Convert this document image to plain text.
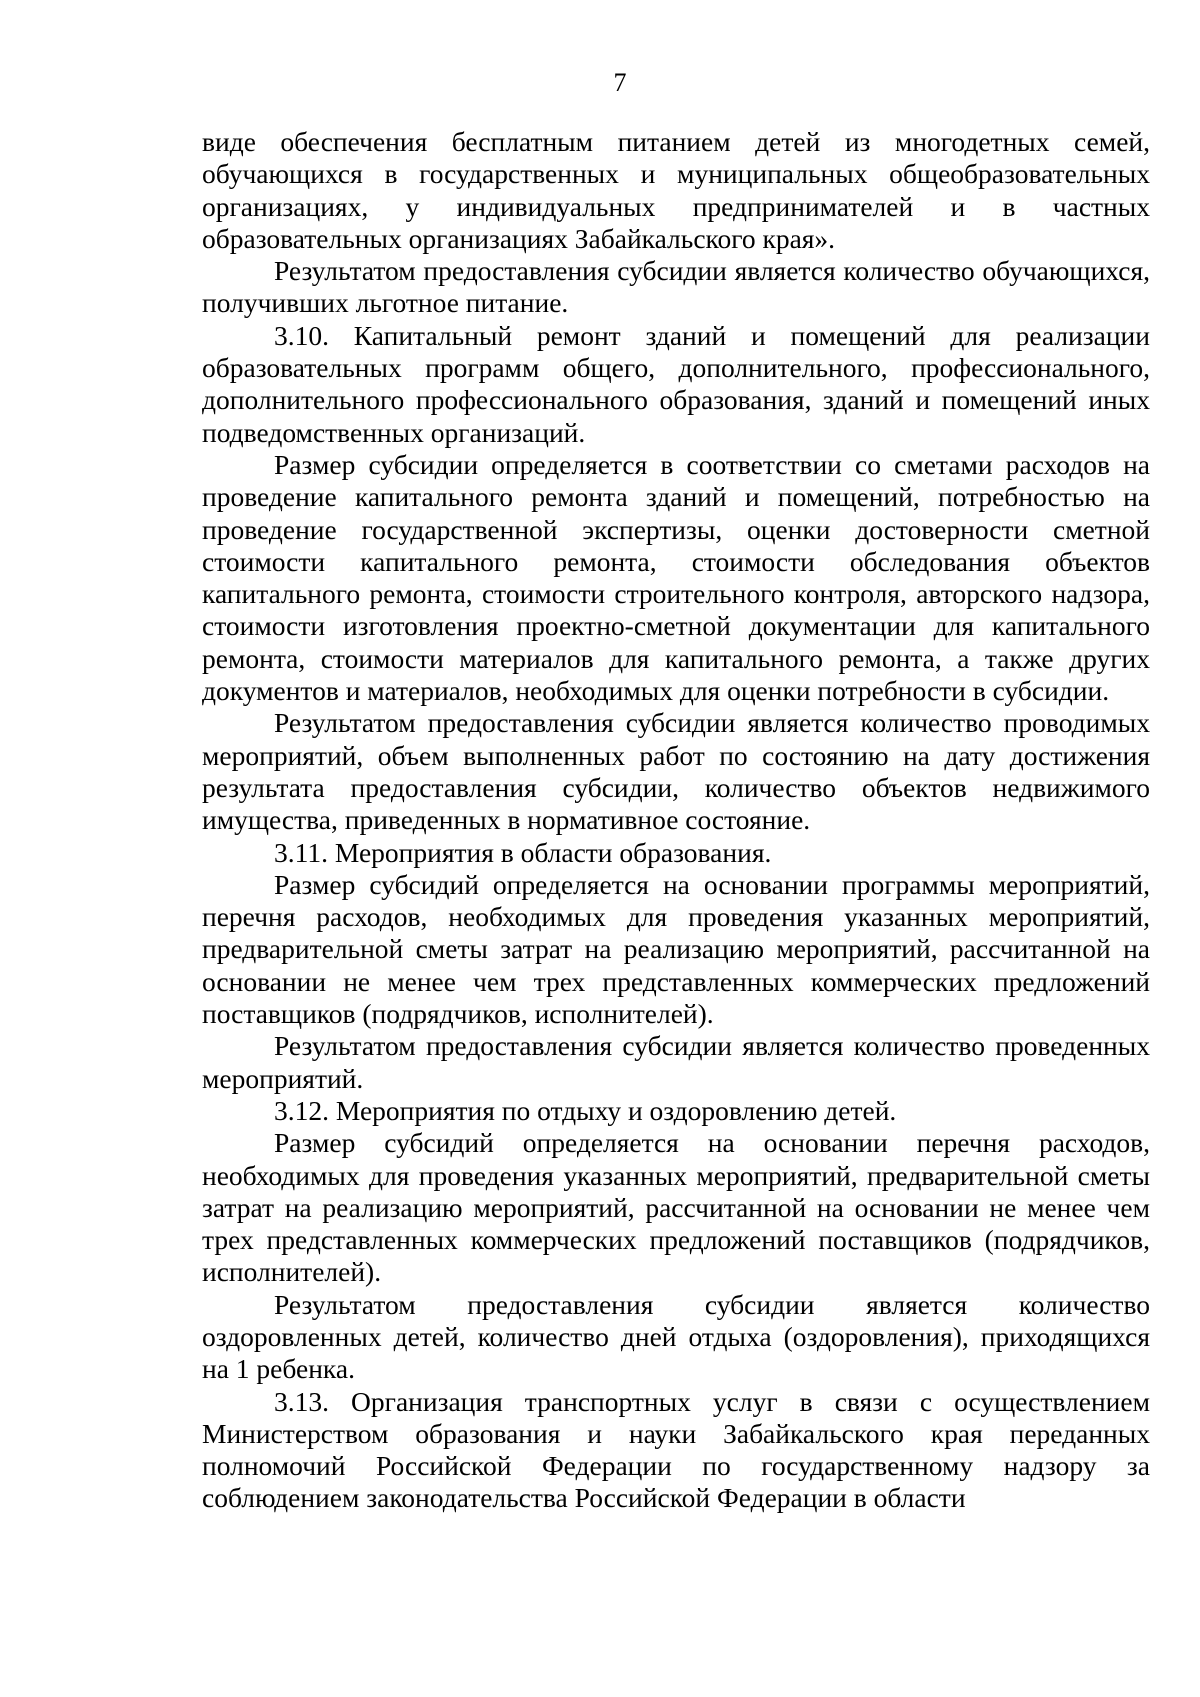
7

виде обеспечения бесплатным питанием детей из многодетных семей, обучающихся в государственных и муниципальных общеобразовательных организациях, у индивидуальных предпринимателей и в частных образовательных организациях Забайкальского края».

Результатом предоставления субсидии является количество обучающихся, получивших льготное питание.

3.10. Капитальный ремонт зданий и помещений для реализации образовательных программ общего, дополнительного, профессионального, дополнительного профессионального образования, зданий и помещений иных подведомственных организаций.

Размер субсидии определяется в соответствии со сметами расходов на проведение капитального ремонта зданий и помещений, потребностью на проведение государственной экспертизы, оценки достоверности сметной стоимости капитального ремонта, стоимости обследования объектов капитального ремонта, стоимости строительного контроля, авторского надзора, стоимости изготовления проектно-сметной документации для капитального ремонта, стоимости материалов для капитального ремонта, а также других документов и материалов, необходимых для оценки потребности в субсидии.

Результатом предоставления субсидии является количество проводимых мероприятий, объем выполненных работ по состоянию на дату достижения результата предоставления субсидии, количество объектов недвижимого имущества, приведенных в нормативное состояние.

3.11. Мероприятия в области образования.

Размер субсидий определяется на основании программы мероприятий, перечня расходов, необходимых для проведения указанных мероприятий, предварительной сметы затрат на реализацию мероприятий, рассчитанной на основании не менее чем трех представленных коммерческих предложений поставщиков (подрядчиков, исполнителей).

Результатом предоставления субсидии является количество проведенных мероприятий.

3.12. Мероприятия по отдыху и оздоровлению детей.

Размер субсидий определяется на основании перечня расходов, необходимых для проведения указанных мероприятий, предварительной сметы затрат на реализацию мероприятий, рассчитанной на основании не менее чем трех представленных коммерческих предложений поставщиков (подрядчиков, исполнителей).

Результатом предоставления субсидии является количество оздоровленных детей, количество дней отдыха (оздоровления), приходящихся на 1 ребенка.

3.13. Организация транспортных услуг в связи с осуществлением Министерством образования и науки Забайкальского края переданных полномочий Российской Федерации по государственному надзору за соблюдением законодательства Российской Федерации в области
